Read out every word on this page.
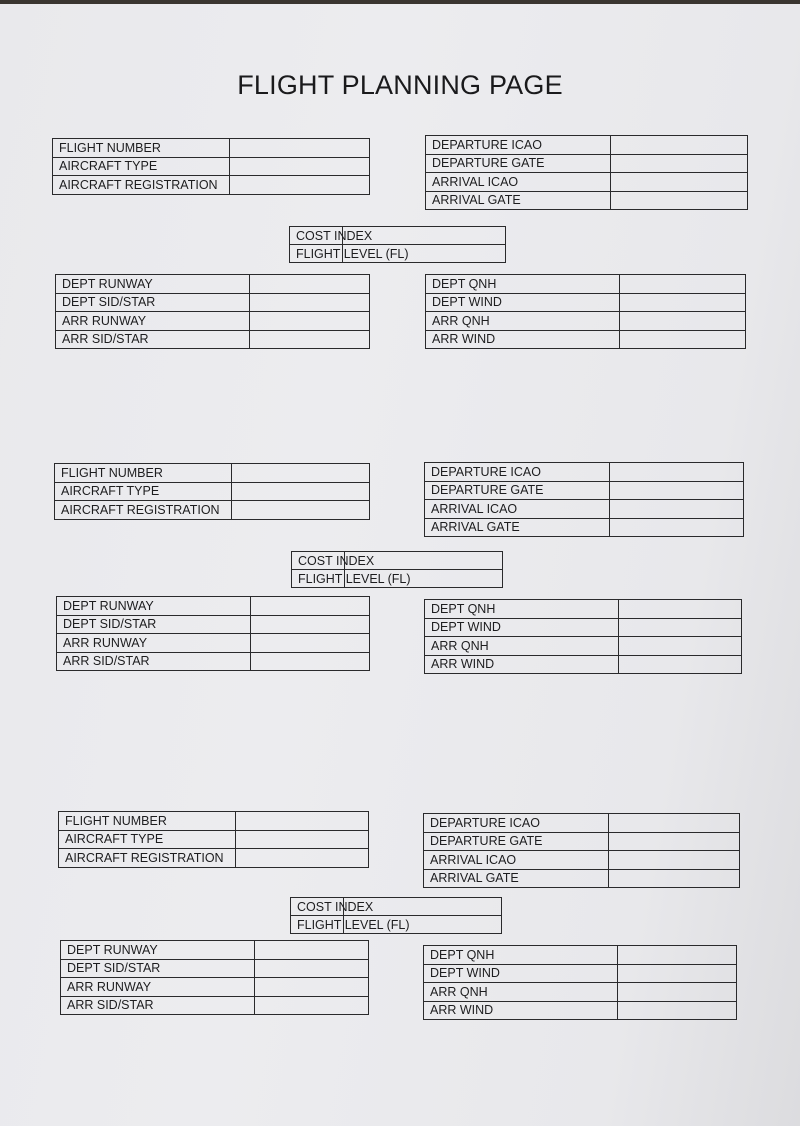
FLIGHT PLANNING PAGE
FLIGHT NUMBER	
AIRCRAFT TYPE	
AIRCRAFT REGISTRATION	
DEPARTURE ICAO	
DEPARTURE GATE	
ARRIVAL ICAO	
ARRIVAL GATE	
COST INDEX	
FLIGHT LEVEL (FL)	
DEPT RUNWAY	
DEPT SID/STAR	
ARR RUNWAY	
ARR SID/STAR	
DEPT QNH	
DEPT WIND	
ARR QNH	
ARR WIND	
FLIGHT NUMBER	
AIRCRAFT TYPE	
AIRCRAFT REGISTRATION	
DEPARTURE ICAO	
DEPARTURE GATE	
ARRIVAL ICAO	
ARRIVAL GATE	
COST INDEX	
FLIGHT LEVEL (FL)	
DEPT RUNWAY	
DEPT SID/STAR	
ARR RUNWAY	
ARR SID/STAR	
DEPT QNH	
DEPT WIND	
ARR QNH	
ARR WIND	
FLIGHT NUMBER	
AIRCRAFT TYPE	
AIRCRAFT REGISTRATION	
DEPARTURE ICAO	
DEPARTURE GATE	
ARRIVAL ICAO	
ARRIVAL GATE	
COST INDEX	
FLIGHT LEVEL (FL)	
DEPT RUNWAY	
DEPT SID/STAR	
ARR RUNWAY	
ARR SID/STAR	
DEPT QNH	
DEPT WIND	
ARR QNH	
ARR WIND	
